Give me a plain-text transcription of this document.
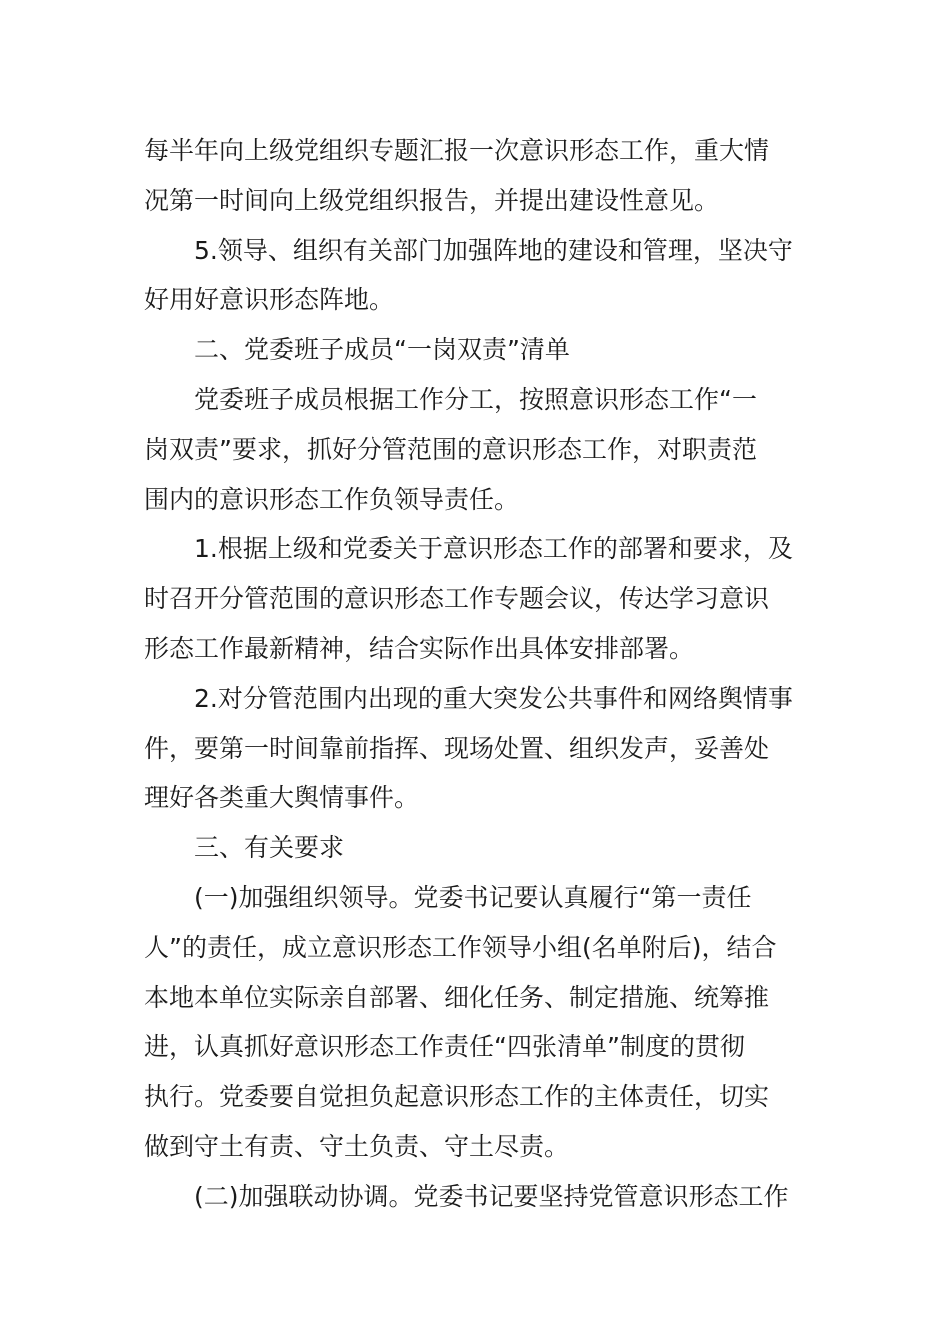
每半年向上级党组织专题汇报一次意识形态工作，重大情
况第一时间向上级党组织报告，并提出建设性意见。
5.领导、组织有关部门加强阵地的建设和管理，坚决守
好用好意识形态阵地。
二、党委班子成员“一岗双责”清单
党委班子成员根据工作分工，按照意识形态工作“一
岗双责”要求，抓好分管范围的意识形态工作，对职责范
围内的意识形态工作负领导责任。
1.根据上级和党委关于意识形态工作的部署和要求，及
时召开分管范围的意识形态工作专题会议，传达学习意识
形态工作最新精神，结合实际作出具体安排部署。
2.对分管范围内出现的重大突发公共事件和网络舆情事
件，要第一时间靠前指挥、现场处置、组织发声，妥善处
理好各类重大舆情事件。
三、有关要求
(一)加强组织领导。党委书记要认真履行“第一责任
人”的责任，成立意识形态工作领导小组(名单附后)，结合
本地本单位实际亲自部署、细化任务、制定措施、统筹推
进，认真抓好意识形态工作责任“四张清单”制度的贯彻
执行。党委要自觉担负起意识形态工作的主体责任，切实
做到守土有责、守土负责、守土尽责。
(二)加强联动协调。党委书记要坚持党管意识形态工作
